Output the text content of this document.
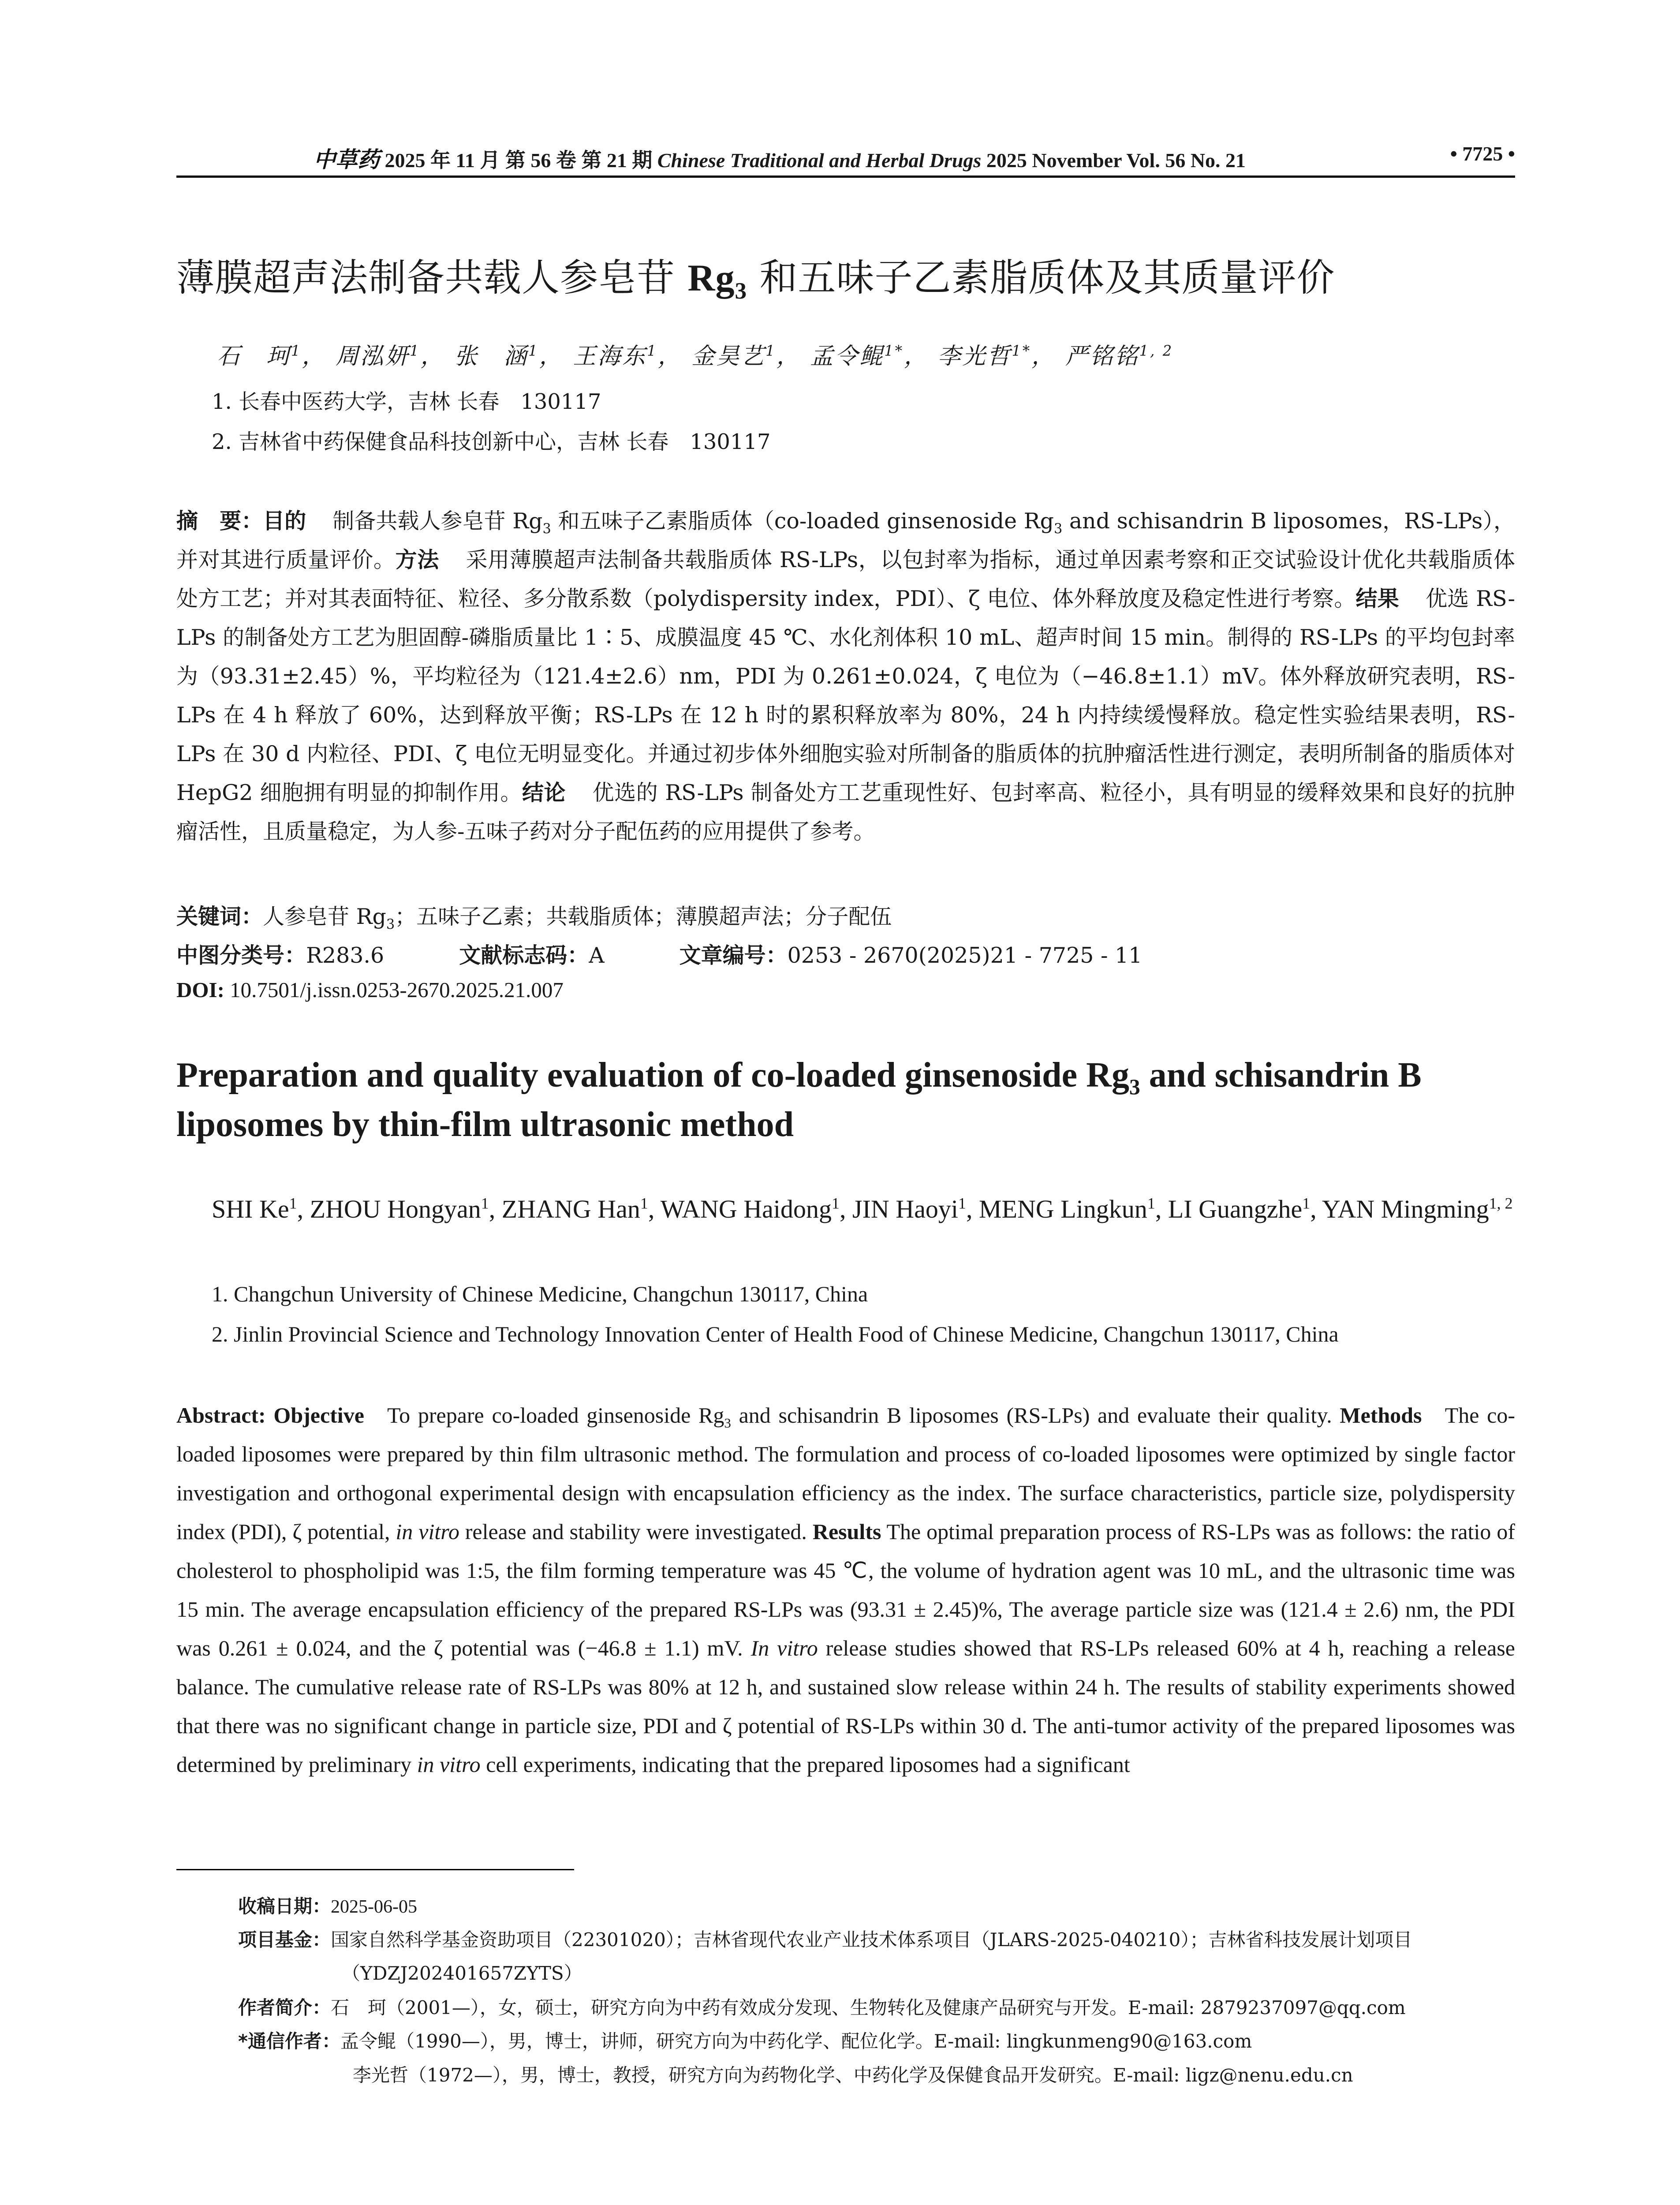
中草药 2025 年 11 月 第 56 卷 第 21 期 Chinese Traditional and Herbal Drugs 2025 November Vol. 56 No. 21	• 7725 •
薄膜超声法制备共载人参皂苷 $Rg_3$ 和五味子乙素脂质体及其质量评价
石　珂$^1$， 周泓妍$^1$， 张　涵$^1$， 王海东$^1$， 金昊艺$^1$， 孟令鲲$^{1*}$， 李光哲$^{1*}$， 严铭铭$^{1, 2}$
1. 长春中医药大学，吉林 长春　130117
2. 吉林省中药保健食品科技创新中心，吉林 长春　130117
摘　要：目的 制备共载人参皂苷 $Rg_3$ 和五味子乙素脂质体（co-loaded ginsenoside $Rg_3$ and schisandrin B liposomes，RS-LPs），并对其进行质量评价。方法 采用薄膜超声法制备共载脂质体 RS-LPs，以包封率为指标，通过单因素考察和正交试验设计优化共载脂质体处方工艺；并对其表面特征、粒径、多分散系数（polydispersity index，PDI）、ζ 电位、体外释放度及稳定性进行考察。结果 优选 RS-LPs 的制备处方工艺为胆固醇-磷脂质量比 1∶5、成膜温度 45 ℃、水化剂体积 10 mL、超声时间 15 min。制得的 RS-LPs 的平均包封率为（93.31±2.45）%，平均粒径为（121.4±2.6）nm，PDI 为 0.261±0.024，ζ 电位为（−46.8±1.1）mV。体外释放研究表明，RS-LPs 在 4 h 释放了 60%，达到释放平衡；RS-LPs 在 12 h 时的累积释放率为 80%，24 h 内持续缓慢释放。稳定性实验结果表明，RS-LPs 在 30 d 内粒径、PDI、ζ 电位无明显变化。并通过初步体外细胞实验对所制备的脂质体的抗肿瘤活性进行测定，表明所制备的脂质体对 HepG2 细胞拥有明显的抑制作用。结论 优选的 RS-LPs 制备处方工艺重现性好、包封率高、粒径小，具有明显的缓释效果和良好的抗肿瘤活性，且质量稳定，为人参-五味子药对分子配伍药的应用提供了参考。
关键词：人参皂苷 $Rg_3$；五味子乙素；共载脂质体；薄膜超声法；分子配伍
中图分类号：R283.6	文献标志码：A	文章编号：0253 - 2670(2025)21 - 7725 - 11
DOI: 10.7501/j.issn.0253-2670.2025.21.007
Preparation and quality evaluation of co-loaded ginsenoside $Rg_3$ and schisandrin B liposomes by thin-film ultrasonic method
SHI Ke$^1$, ZHOU Hongyan$^1$, ZHANG Han$^1$, WANG Haidong$^1$, JIN Haoyi$^1$, MENG Lingkun$^1$, LI Guangzhe$^1$, YAN Mingming$^{1, 2}$
1. Changchun University of Chinese Medicine, Changchun 130117, China
2. Jinlin Provincial Science and Technology Innovation Center of Health Food of Chinese Medicine, Changchun 130117, China
Abstract: Objective To prepare co-loaded ginsenoside $Rg_3$ and schisandrin B liposomes (RS-LPs) and evaluate their quality. Methods The co-loaded liposomes were prepared by thin film ultrasonic method. The formulation and process of co-loaded liposomes were optimized by single factor investigation and orthogonal experimental design with encapsulation efficiency as the index. The surface characteristics, particle size, polydispersity index (PDI), ζ potential, in vitro release and stability were investigated. Results The optimal preparation process of RS-LPs was as follows: the ratio of cholesterol to phospholipid was 1:5, the film forming temperature was 45 ℃, the volume of hydration agent was 10 mL, and the ultrasonic time was 15 min. The average encapsulation efficiency of the prepared RS-LPs was (93.31 ± 2.45)%, The average particle size was (121.4 ± 2.6) nm, the PDI was 0.261 ± 0.024, and the ζ potential was (−46.8 ± 1.1) mV. In vitro release studies showed that RS-LPs released 60% at 4 h, reaching a release balance. The cumulative release rate of RS-LPs was 80% at 12 h, and sustained slow release within 24 h. The results of stability experiments showed that there was no significant change in particle size, PDI and ζ potential of RS-LPs within 30 d. The anti-tumor activity of the prepared liposomes was determined by preliminary in vitro cell experiments, indicating that the prepared liposomes had a significant
收稿日期：2025-06-05
项目基金：国家自然科学基金资助项目（22301020）；吉林省现代农业产业技术体系项目（JLARS-2025-040210）；吉林省科技发展计划项目
（YDZJ202401657ZYTS）
作者简介：石　珂（2001—），女，硕士，研究方向为中药有效成分发现、生物转化及健康产品研究与开发。E-mail: 2879237097@qq.com
*通信作者：孟令鲲（1990—），男，博士，讲师，研究方向为中药化学、配位化学。E-mail: lingkunmeng90@163.com
李光哲（1972—），男，博士，教授，研究方向为药物化学、中药化学及保健食品开发研究。E-mail: ligz@nenu.edu.cn
